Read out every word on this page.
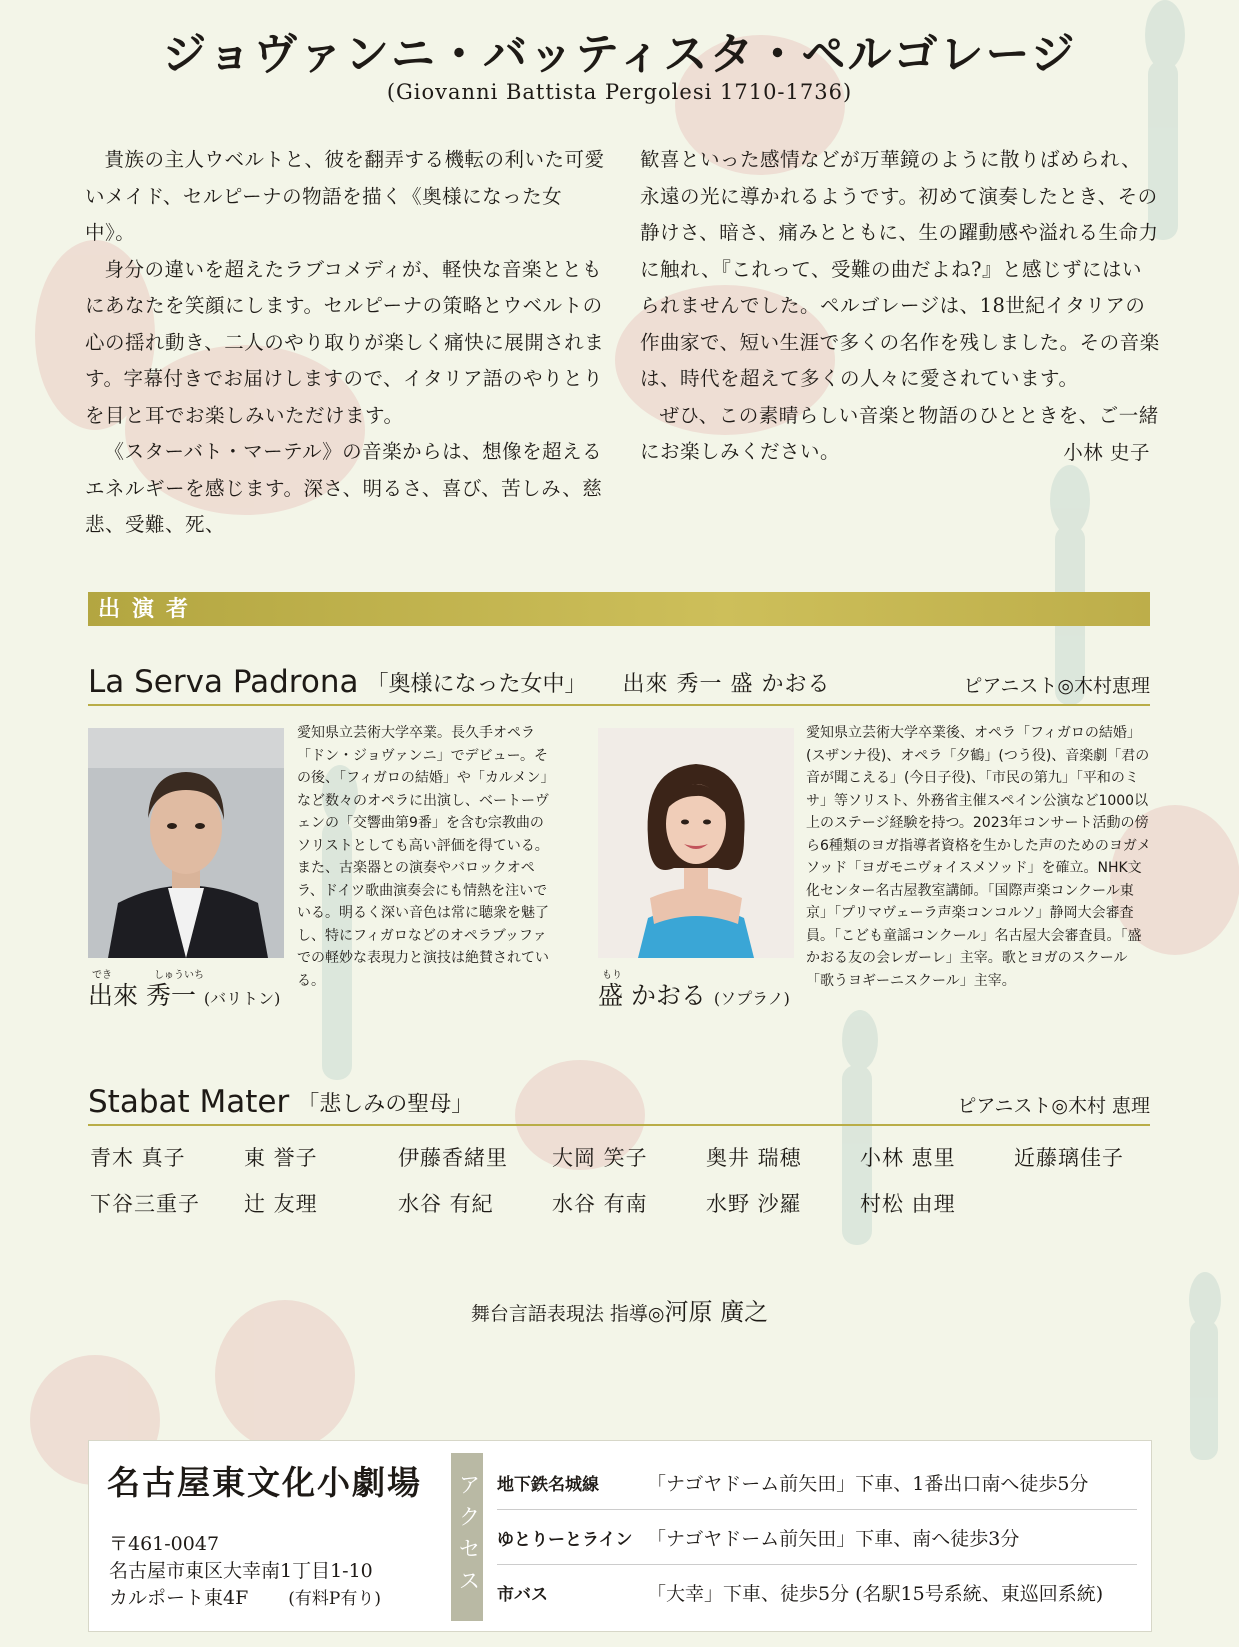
ジョヴァンニ・バッティスタ・ペルゴレージ
(Giovanni Battista Pergolesi 1710-1736)

貴族の主人ウベルトと、彼を翻弄する機転の利いた可愛いメイド、セルピーナの物語を描く《奥様になった女中》。

身分の違いを超えたラブコメディが、軽快な音楽とともにあなたを笑顔にします。セルピーナの策略とウベルトの心の揺れ動き、二人のやり取りが楽しく痛快に展開されます。字幕付きでお届けしますので、イタリア語のやりとりを目と耳でお楽しみいただけます。

《スターバト・マーテル》の音楽からは、想像を超えるエネルギーを感じます。深さ、明るさ、喜び、苦しみ、慈悲、受難、死、

歓喜といった感情などが万華鏡のように散りばめられ、永遠の光に導かれるようです。初めて演奏したとき、その静けさ、暗さ、痛みとともに、生の躍動感や溢れる生命力に触れ、『これって、受難の曲だよね?』と感じずにはいられませんでした。ペルゴレージは、18世紀イタリアの作曲家で、短い生涯で多くの名作を残しました。その音楽は、時代を超えて多くの人々に愛されています。

ぜひ、この素晴らしい音楽と物語のひとときを、ご一緒にお楽しみください。	小林 史子

出演者
La Serva Padrona 「奥様になった女中」 出來 秀一 盛 かおる	ピアニスト◎木村恵理
愛知県立芸術大学卒業。長久手オペラ「ドン・ジョヴァンニ」でデビュー。その後、「フィガロの結婚」や「カルメン」など数々のオペラに出演し、ベートーヴェンの「交響曲第9番」を含む宗教曲のソリストとしても高い評価を得ている。また、古楽器との演奏やバロックオペラ、ドイツ歌曲演奏会にも情熱を注いでいる。明るく深い音色は常に聴衆を魅了し、特にフィガロなどのオペラブッファでの軽妙な表現力と演技は絶賛されている。
でき	しゅういち
出來 秀一 (バリトン)
愛知県立芸術大学卒業後、オペラ「フィガロの結婚」(スザンナ役)、オペラ「夕鶴」(つう役)、音楽劇「君の音が聞こえる」(今日子役)、「市民の第九」「平和のミサ」等ソリスト、外務省主催スペイン公演など1000以上のステージ経験を持つ。2023年コンサート活動の傍ら6種類のヨガ指導者資格を生かした声のためのヨガメソッド「ヨガモニヴォイスメソッド」を確立。NHK文化センター名古屋教室講師。「国際声楽コンクール東京」「プリマヴェーラ声楽コンコルソ」静岡大会審査員。「こども童謡コンクール」名古屋大会審査員。「盛かおる友の会レガーレ」主宰。歌とヨガのスクール「歌うヨギーニスクール」主宰。
もり
盛 かおる (ソプラノ)
Stabat Mater 「悲しみの聖母」	ピアニスト◎木村 恵理
青木 真子	東 誉子	伊藤香緒里	大岡 笑子	奥井 瑞穂	小林 恵里	近藤璃佳子
下谷三重子	辻 友理	水谷 有紀	水谷 有南	水野 沙羅	村松 由理
舞台言語表現法 指導◎河原 廣之
名古屋東文化小劇場
〒461-0047
名古屋市東区大幸南1丁目1-10
カルポート東4F (有料P有り)	アクセス 地下鉄名城線	「ナゴヤドーム前矢田」下車、1番出口南へ徒歩5分
ゆとりーとライン 「ナゴヤドーム前矢田」下車、南へ徒歩3分
市バス	「大幸」下車、徒歩5分 (名駅15号系統、東巡回系統)
